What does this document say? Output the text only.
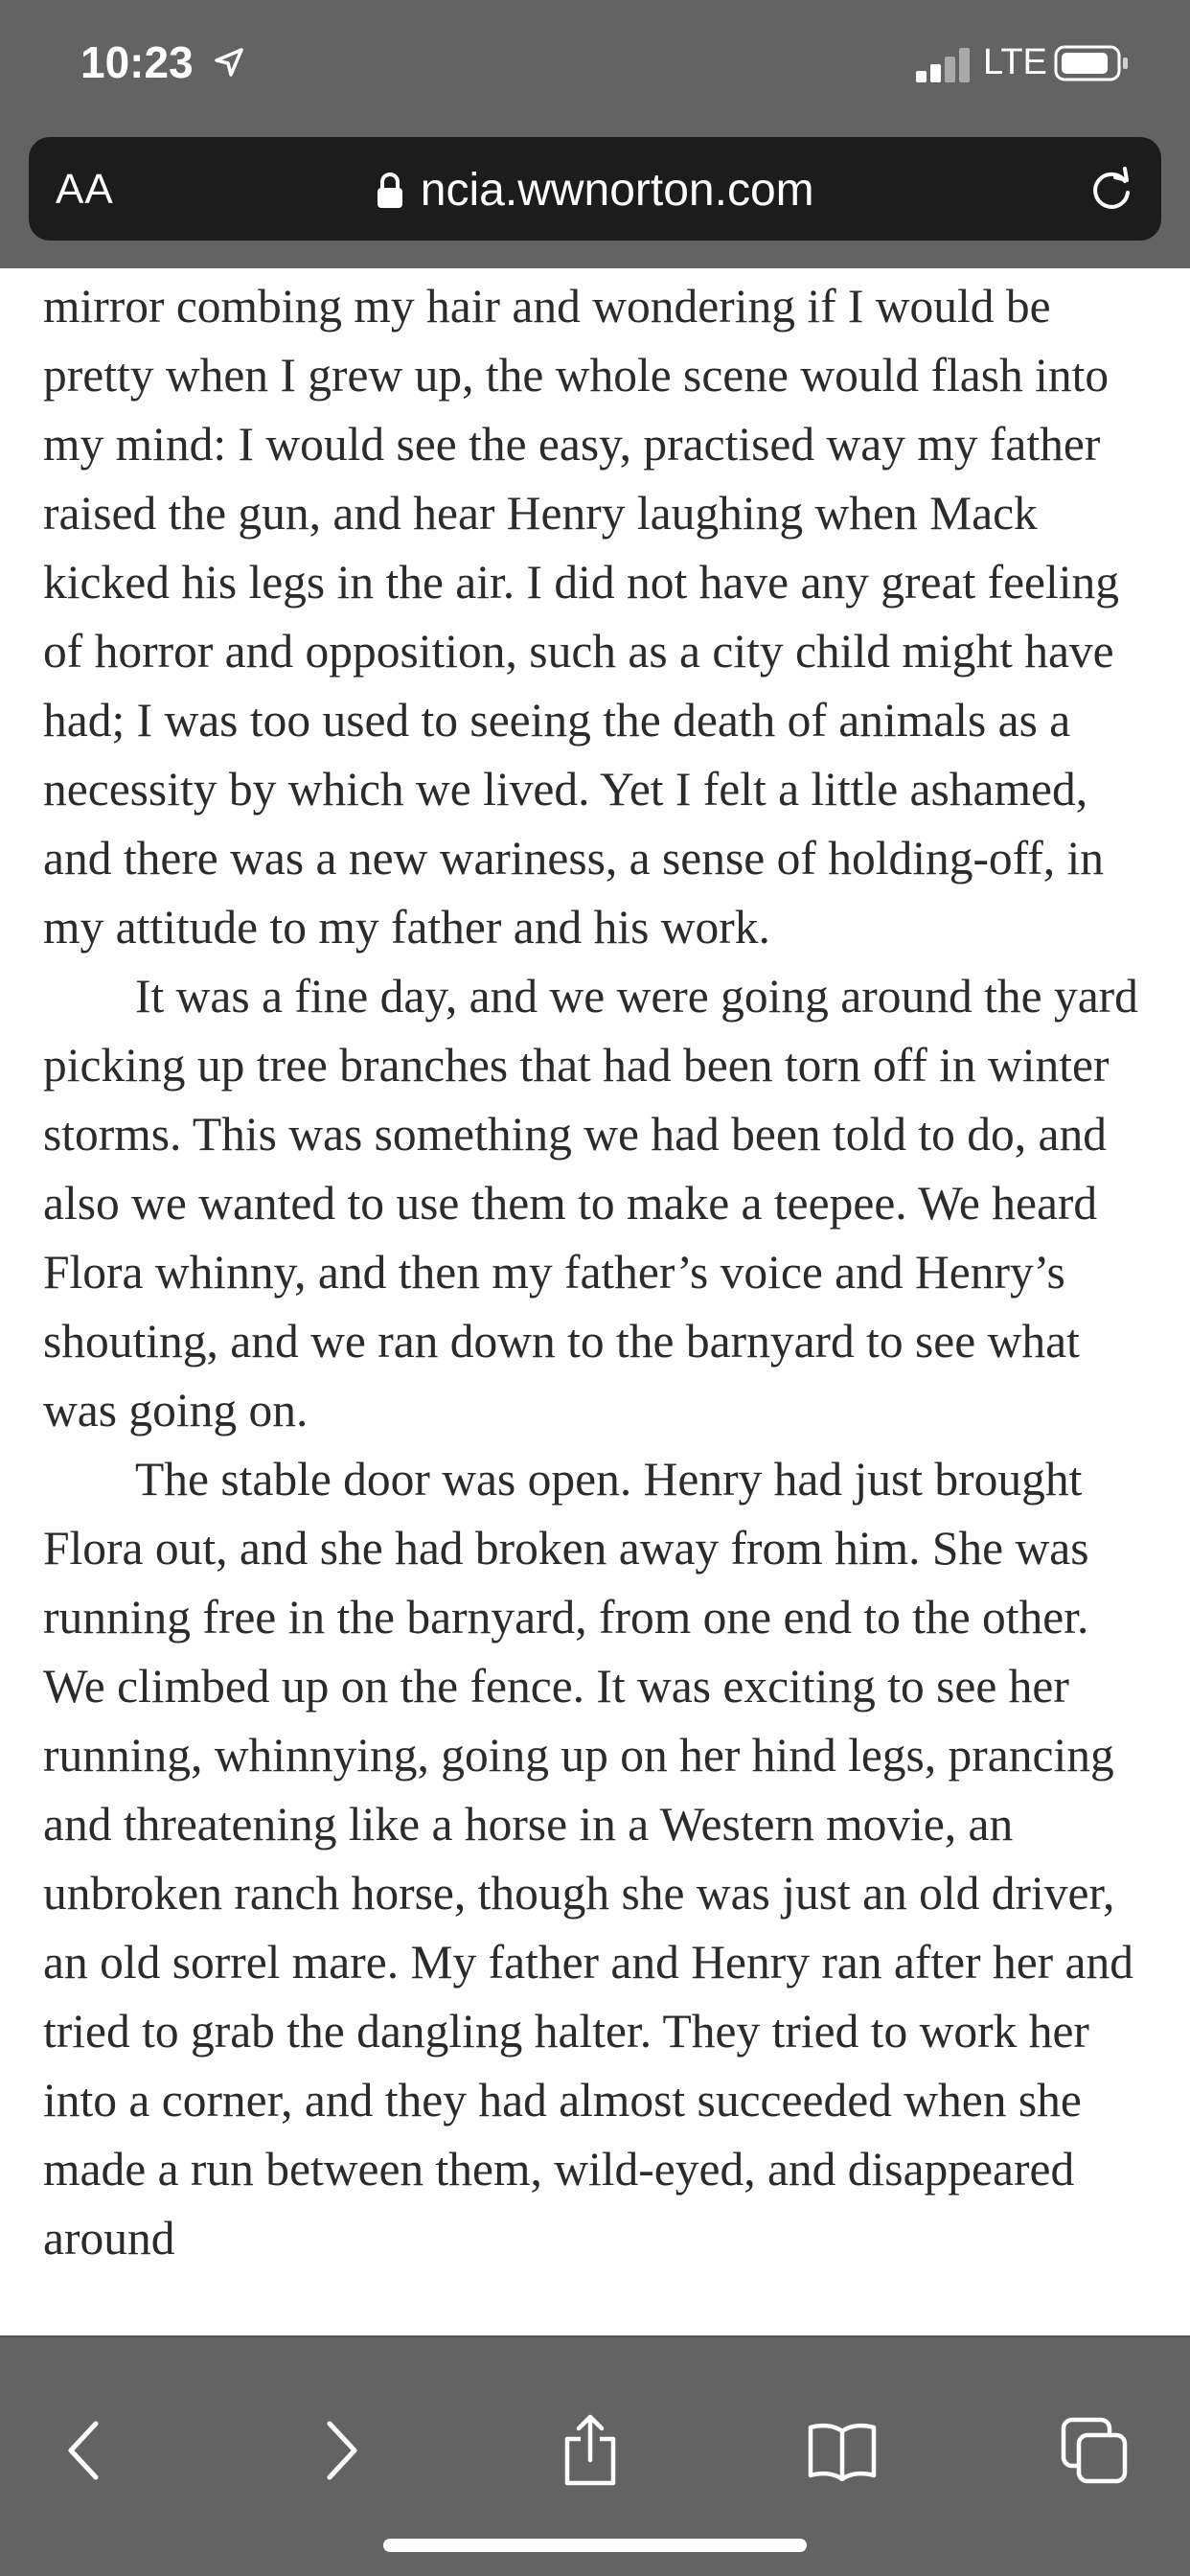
10:23	LTE
AA	ncia.wwnorton.com

mirror combing my hair and wondering if I would be pretty when I grew up, the whole scene would flash into my mind: I would see the easy, practised way my father raised the gun, and hear Henry laughing when Mack kicked his legs in the air. I did not have any great feeling of horror and opposition, such as a city child might have had; I was too used to seeing the death of animals as a necessity by which we lived. Yet I felt a little ashamed, and there was a new wariness, a sense of holding-off, in my attitude to my father and his work.

It was a fine day, and we were going around the yard picking up tree branches that had been torn off in winter storms. This was something we had been told to do, and also we wanted to use them to make a teepee. We heard Flora whinny, and then my father’s voice and Henry’s shouting, and we ran down to the barnyard to see what was going on.

The stable door was open. Henry had just brought Flora out, and she had broken away from him. She was running free in the barnyard, from one end to the other. We climbed up on the fence. It was exciting to see her running, whinnying, going up on her hind legs, prancing and threatening like a horse in a Western movie, an unbroken ranch horse, though she was just an old driver, an old sorrel mare. My father and Henry ran after her and tried to grab the dangling halter. They tried to work her into a corner, and they had almost succeeded when she made a run between them, wild-eyed, and disappeared around
